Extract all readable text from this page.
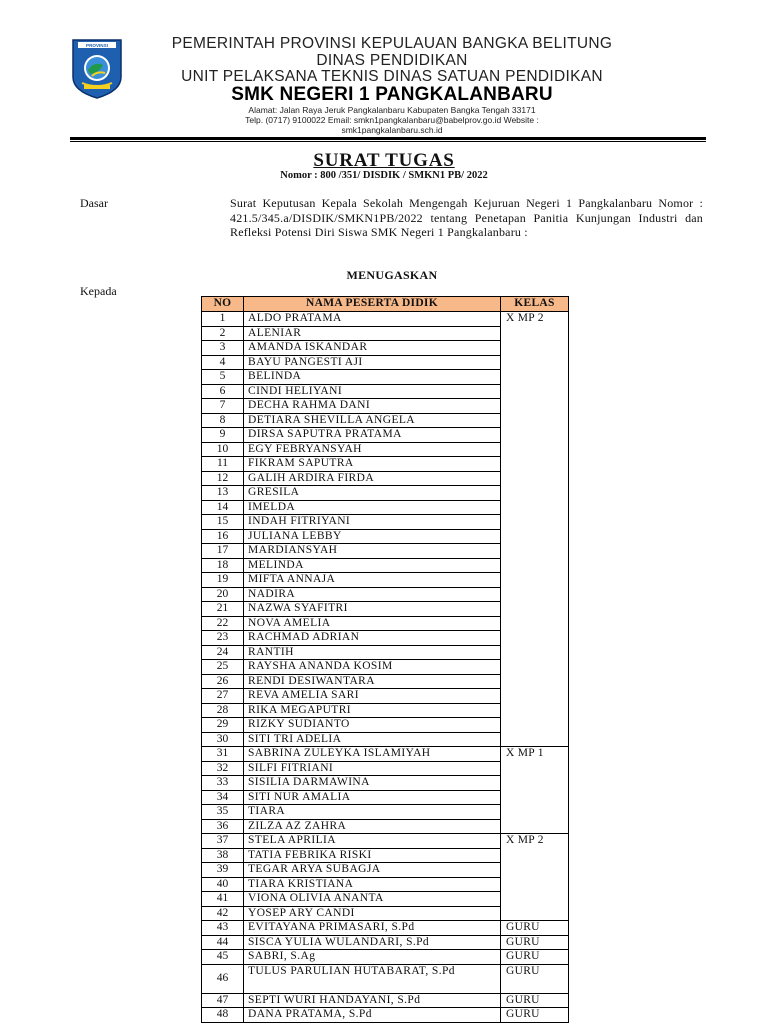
PROVINSI	PEMERINTAH PROVINSI KEPULAUAN BANGKA BELITUNG
DINAS PENDIDIKAN
UNIT PELAKSANA TEKNIS DINAS SATUAN PENDIDIKAN
SMK NEGERI 1 PANGKALANBARU
Alamat: Jalan Raya Jeruk Pangkalanbaru Kabupaten Bangka Tengah 33171
Telp. (0717) 9100022 Email: smkn1pangkalanbaru@babelprov.go.id Website :
smk1pangkalanbaru.sch.id
SURAT TUGAS
Nomor : 800 /351/ DISDIK / SMKN1 PB/ 2022
Dasar	Surat Keputusan Kepala Sekolah Mengengah Kejuruan Negeri 1 Pangkalanbaru Nomor : 421.5/345.a/DISDIK/SMKN1PB/2022 tentang Penetapan Panitia Kunjungan Industri dan Refleksi Potensi Diri Siswa SMK Negeri 1 Pangkalanbaru :
MENUGASKAN
Kepada
NO	NAMA PESERTA DIDIK	KELAS
1	ALDO PRATAMA	X MP 2
2	ALENIAR	
3	AMANDA ISKANDAR	
4	BAYU PANGESTI AJI	
5	BELINDA	
6	CINDI HELIYANI	
7	DECHA RAHMA DANI	
8	DETIARA SHEVILLA ANGELA	
9	DIRSA SAPUTRA PRATAMA	
10	EGY FEBRYANSYAH	
11	FIKRAM SAPUTRA	
12	GALIH ARDIRA FIRDA	
13	GRESILA	
14	IMELDA	
15	INDAH FITRIYANI	
16	JULIANA LEBBY	
17	MARDIANSYAH	
18	MELINDA	
19	MIFTA ANNAJA	
20	NADIRA	
21	NAZWA SYAFITRI	
22	NOVA AMELIA	
23	RACHMAD ADRIAN	
24	RANTIH	
25	RAYSHA ANANDA KOSIM	
26	RENDI DESIWANTARA	
27	REVA AMELIA SARI	
28	RIKA MEGAPUTRI	
29	RIZKY SUDIANTO	
30	SITI TRI ADELIA	
31	SABRINA ZULEYKA ISLAMIYAH	X MP 1
32	SILFI FITRIANI	
33	SISILIA DARMAWINA	
34	SITI NUR AMALIA	
35	TIARA	
36	ZILZA AZ ZAHRA	
37	STELA APRILIA	X MP 2
38	TATIA FEBRIKA RISKI	
39	TEGAR ARYA SUBAGJA	
40	TIARA KRISTIANA	
41	VIONA OLIVIA ANANTA	
42	YOSEP ARY CANDI	
43	EVITAYANA PRIMASARI, S.Pd	GURU
44	SISCA YULIA WULANDARI, S.Pd	GURU
45	SABRI, S.Ag	GURU
46	TULUS PARULIAN HUTABARAT, S.Pd	GURU
47	SEPTI WURI HANDAYANI, S.Pd	GURU
48	DANA PRATAMA, S.Pd	GURU
